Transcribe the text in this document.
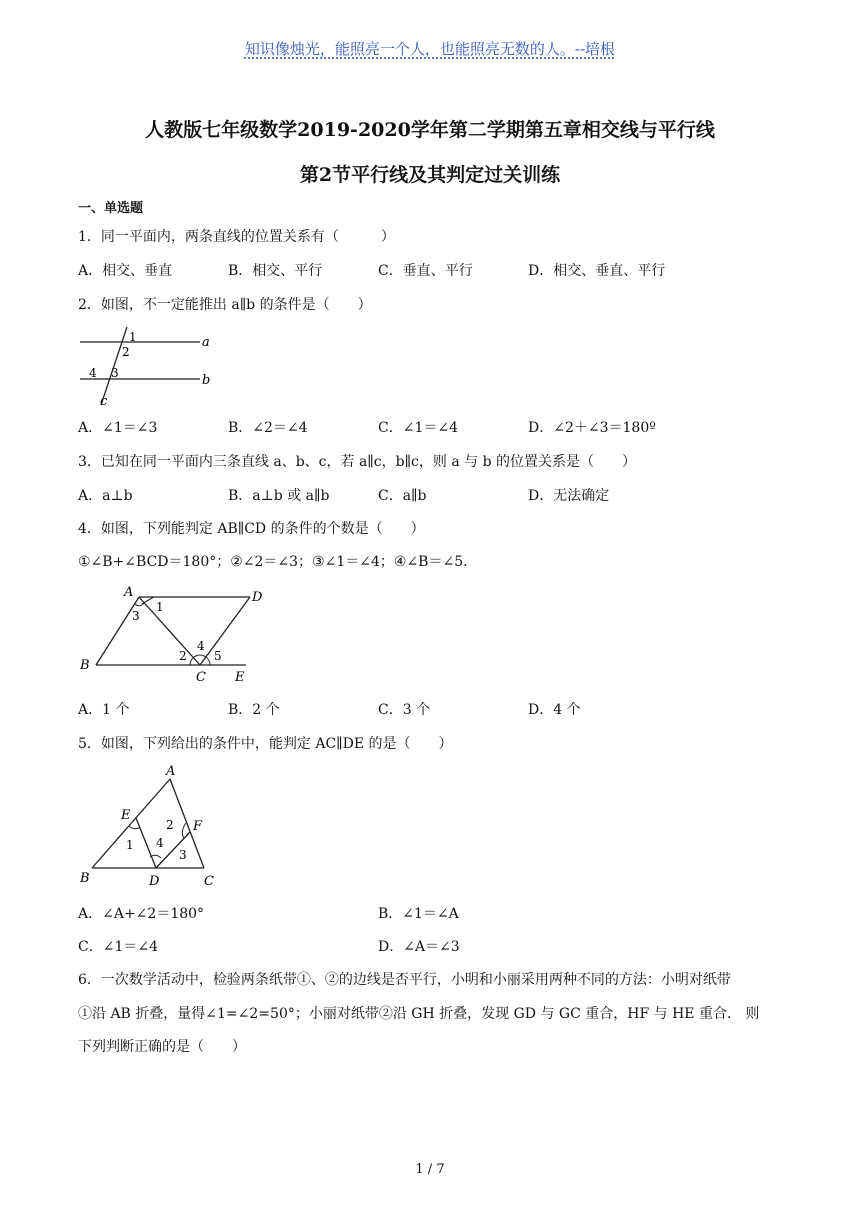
知识像烛光，能照亮一个人，也能照亮无数的人。--培根
人教版七年级数学2019-2020学年第二学期第五章相交线与平行线
第2节平行线及其判定过关训练
一、单选题
1．同一平面内，两条直线的位置关系有（　　　）
A．相交、垂直	B．相交、平行	C．垂直、平行	D．相交、垂直、平行
2．如图，不一定能推出 a∥b 的条件是（　　）
1
2
a
4 3	b
c
A．∠1＝∠3	B．∠2＝∠4	C．∠1＝∠4	D．∠2＋∠3＝180º
3．已知在同一平面内三条直线 a、b、c，若 a∥c，b∥c，则 a 与 b 的位置关系是（　　）
A．a⊥b	B．a⊥b 或 a∥b	C．a∥b	D．无法确定
4．如图，下列能判定 AB∥CD 的条件的个数是（　　）
①∠B+∠BCD＝180°；②∠2＝∠3；③∠1＝∠4；④∠B＝∠5．
A	D
1
3
B
2
4
5
C E
A．1 个	B．2 个	C．3 个	D．4 个
5．如图，下列给出的条件中，能判定 AC∥DE 的是（　　）
A
E
2 F
1 4
3
B	D	C
A．∠A+∠2＝180°	B．∠1＝∠A
C．∠1＝∠4	D．∠A＝∠3
6．一次数学活动中，检验两条纸带①、②的边线是否平行，小明和小丽采用两种不同的方法：小明对纸带
①沿 AB 折叠，量得∠1=∠2=50°；小丽对纸带②沿 GH 折叠，发现 GD 与 GC 重合，HF 与 HE 重合． 则
下列判断正确的是（　　）
1 / 7
